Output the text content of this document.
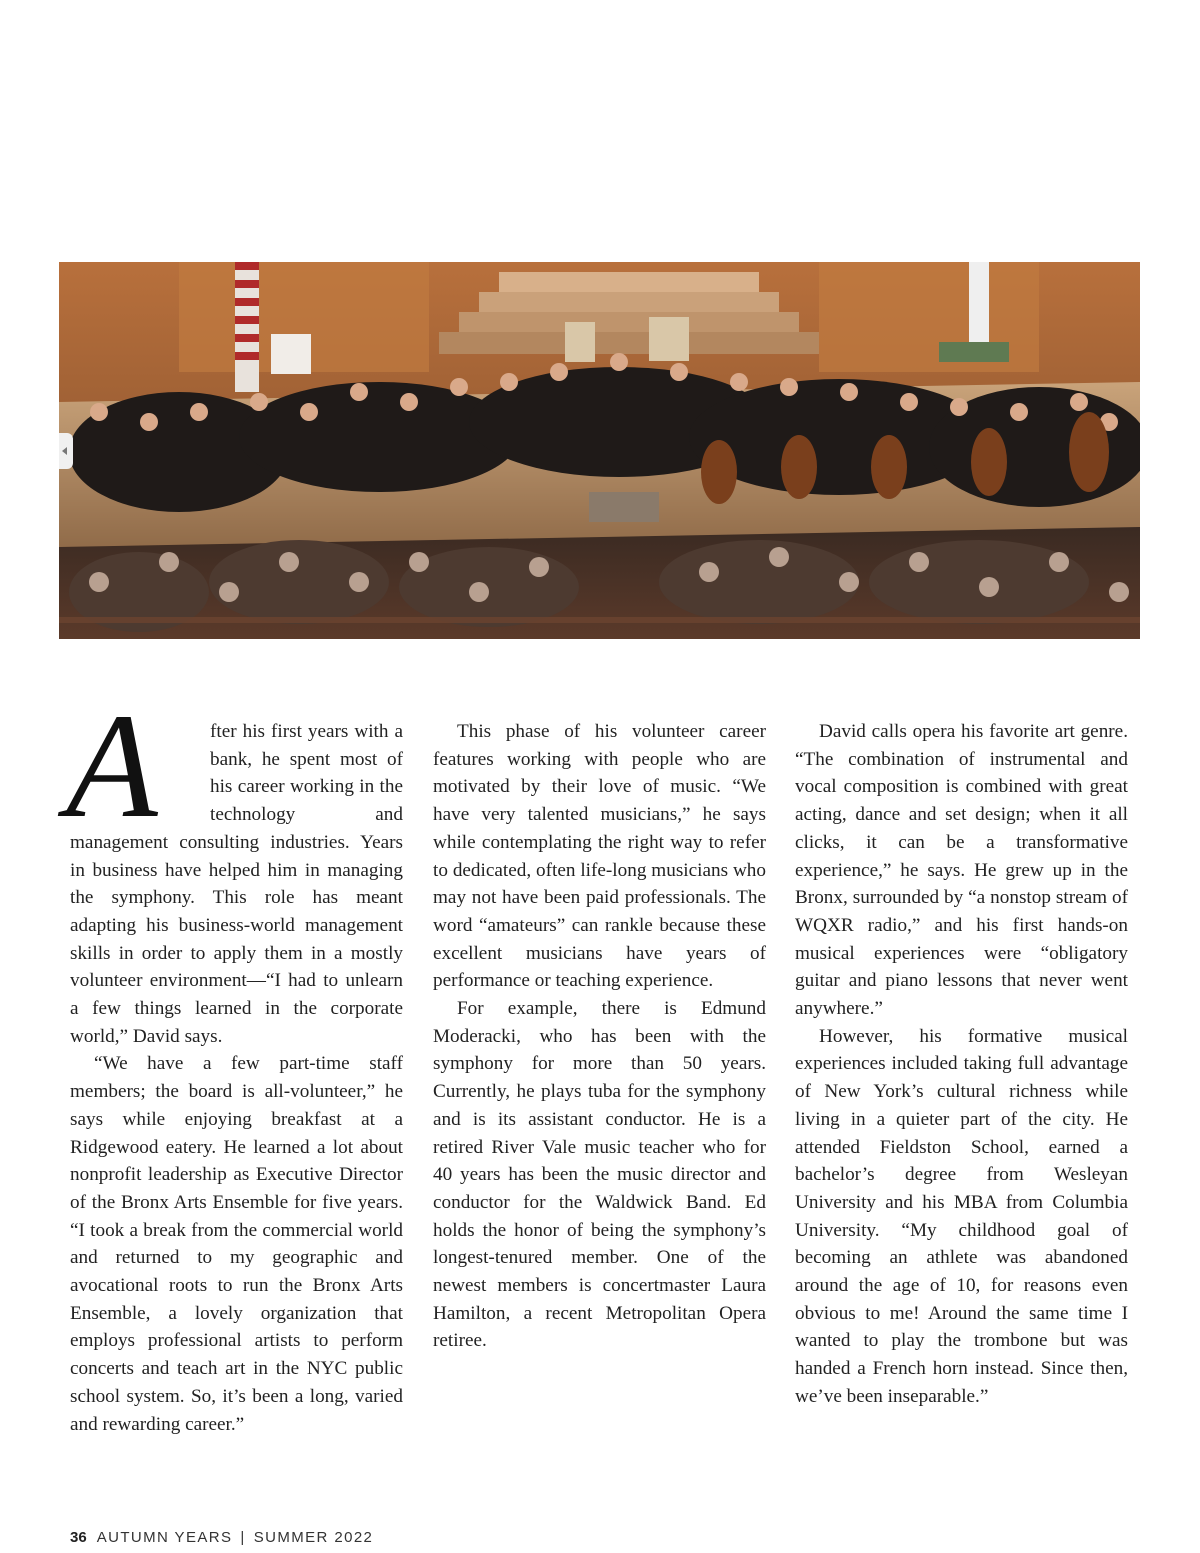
A	fter his first years with a bank, he spent most of his career working in the technology and management consulting industries. Years in business have helped him in managing the symphony. This role has meant adapting his business-world management skills in order to apply them in a mostly volunteer environment—“I had to unlearn a few things learned in the corporate world,” David says.

“We have a few part-time staff members; the board is all-volunteer,” he says while enjoying breakfast at a Ridgewood eatery. He learned a lot about nonprofit leadership as Executive Director of the Bronx Arts Ensemble for five years. “I took a break from the commercial world and returned to my geographic and avocational roots to run the Bronx Arts Ensemble, a lovely organization that employs professional artists to perform concerts and teach art in the NYC public school system. So, it’s been a long, varied and rewarding career.”

This phase of his volunteer career features working with people who are motivated by their love of music. “We have very talented musicians,” he says while contemplating the right way to refer to dedicated, often life-long musicians who may not have been paid professionals. The word “amateurs” can rankle because these excellent musicians have years of performance or teaching experience.

For example, there is Edmund Moderacki, who has been with the symphony for more than 50 years. Currently, he plays tuba for the symphony and is its assistant conductor. He is a retired River Vale music teacher who for 40 years has been the music director and conductor for the Waldwick Band. Ed holds the honor of being the symphony’s longest-tenured member. One of the newest members is concertmaster Laura Hamilton, a recent Metropolitan Opera retiree.

David calls opera his favorite art genre. “The combination of instrumental and vocal composition is combined with great acting, dance and set design; when it all clicks, it can be a transformative experience,” he says. He grew up in the Bronx, surrounded by “a nonstop stream of WQXR radio,” and his first hands-on musical experiences were “obligatory guitar and piano lessons that never went anywhere.”

However, his formative musical experiences included taking full advantage of New York’s cultural richness while living in a quieter part of the city. He attended Fieldston School, earned a bachelor’s degree from Wesleyan University and his MBA from Columbia University. “My childhood goal of becoming an athlete was abandoned around the age of 10, for reasons even obvious to me! Around the same time I wanted to play the trombone but was handed a French horn instead. Since then, we’ve been inseparable.”

36 AUTUMN YEARS | SUMMER 2022
